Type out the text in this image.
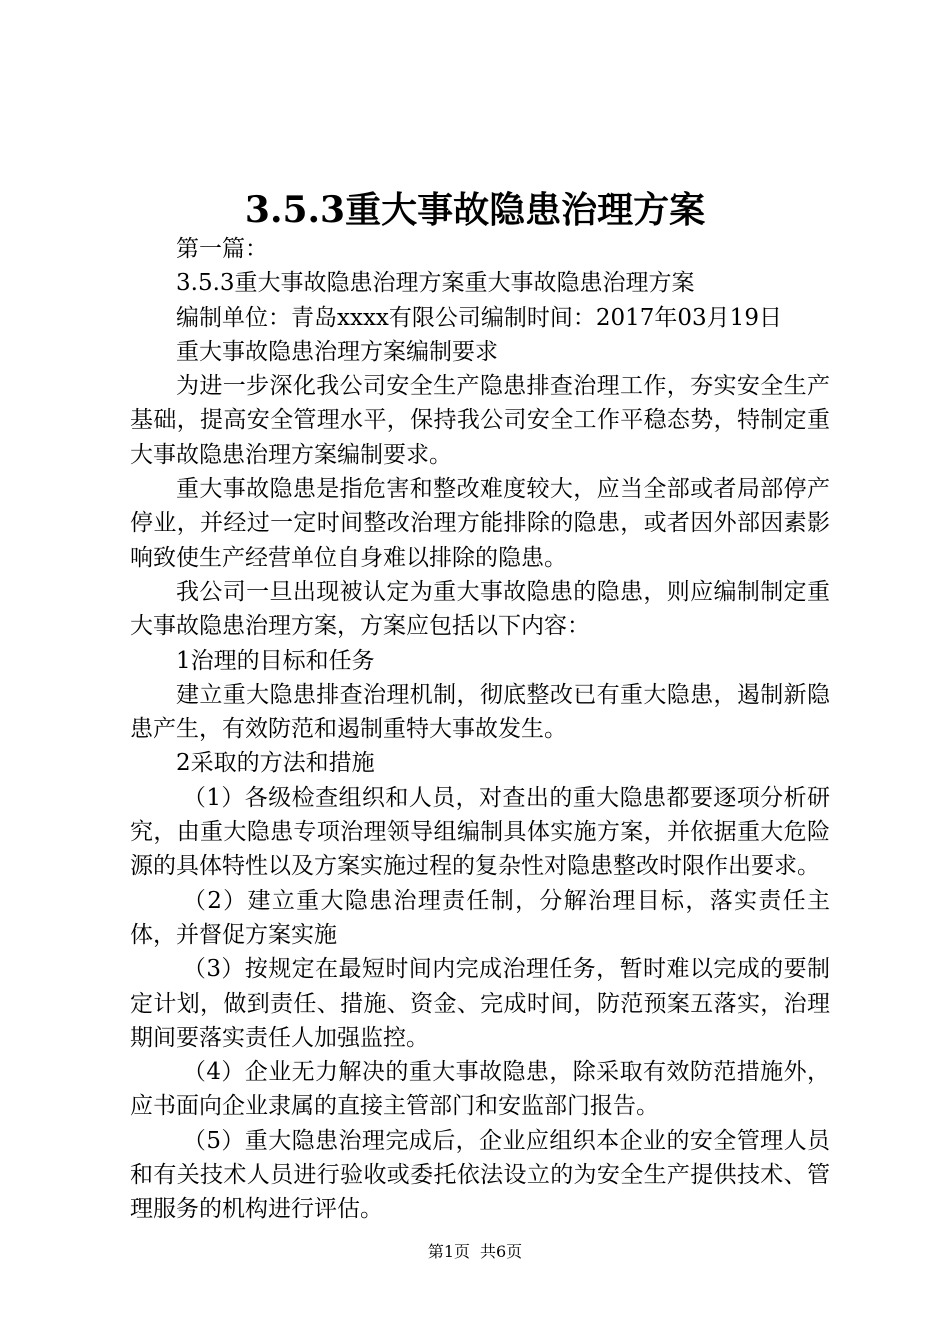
3.5.3重大事故隐患治理方案

第一篇：

3.5.3重大事故隐患治理方案重大事故隐患治理方案

编制单位：青岛xxxx有限公司编制时间：2017年03月19日

重大事故隐患治理方案编制要求

为进一步深化我公司安全生产隐患排查治理工作，夯实安全生产基础，提高安全管理水平，保持我公司安全工作平稳态势，特制定重大事故隐患治理方案编制要求。

重大事故隐患是指危害和整改难度较大，应当全部或者局部停产停业，并经过一定时间整改治理方能排除的隐患，或者因外部因素影响致使生产经营单位自身难以排除的隐患。

我公司一旦出现被认定为重大事故隐患的隐患，则应编制制定重大事故隐患治理方案，方案应包括以下内容：

1治理的目标和任务

建立重大隐患排查治理机制，彻底整改已有重大隐患，遏制新隐患产生，有效防范和遏制重特大事故发生。

2采取的方法和措施

（1）各级检查组织和人员，对查出的重大隐患都要逐项分析研究，由重大隐患专项治理领导组编制具体实施方案，并依据重大危险源的具体特性以及方案实施过程的复杂性对隐患整改时限作出要求。

（2）建立重大隐患治理责任制，分解治理目标，落实责任主体，并督促方案实施

（3）按规定在最短时间内完成治理任务，暂时难以完成的要制定计划，做到责任、措施、资金、完成时间，防范预案五落实，治理期间要落实责任人加强监控。

（4）企业无力解决的重大事故隐患，除采取有效防范措施外，应书面向企业隶属的直接主管部门和安监部门报告。

（5）重大隐患治理完成后，企业应组织本企业的安全管理人员和有关技术人员进行验收或委托依法设立的为安全生产提供技术、管理服务的机构进行评估。

第1页 共6页
